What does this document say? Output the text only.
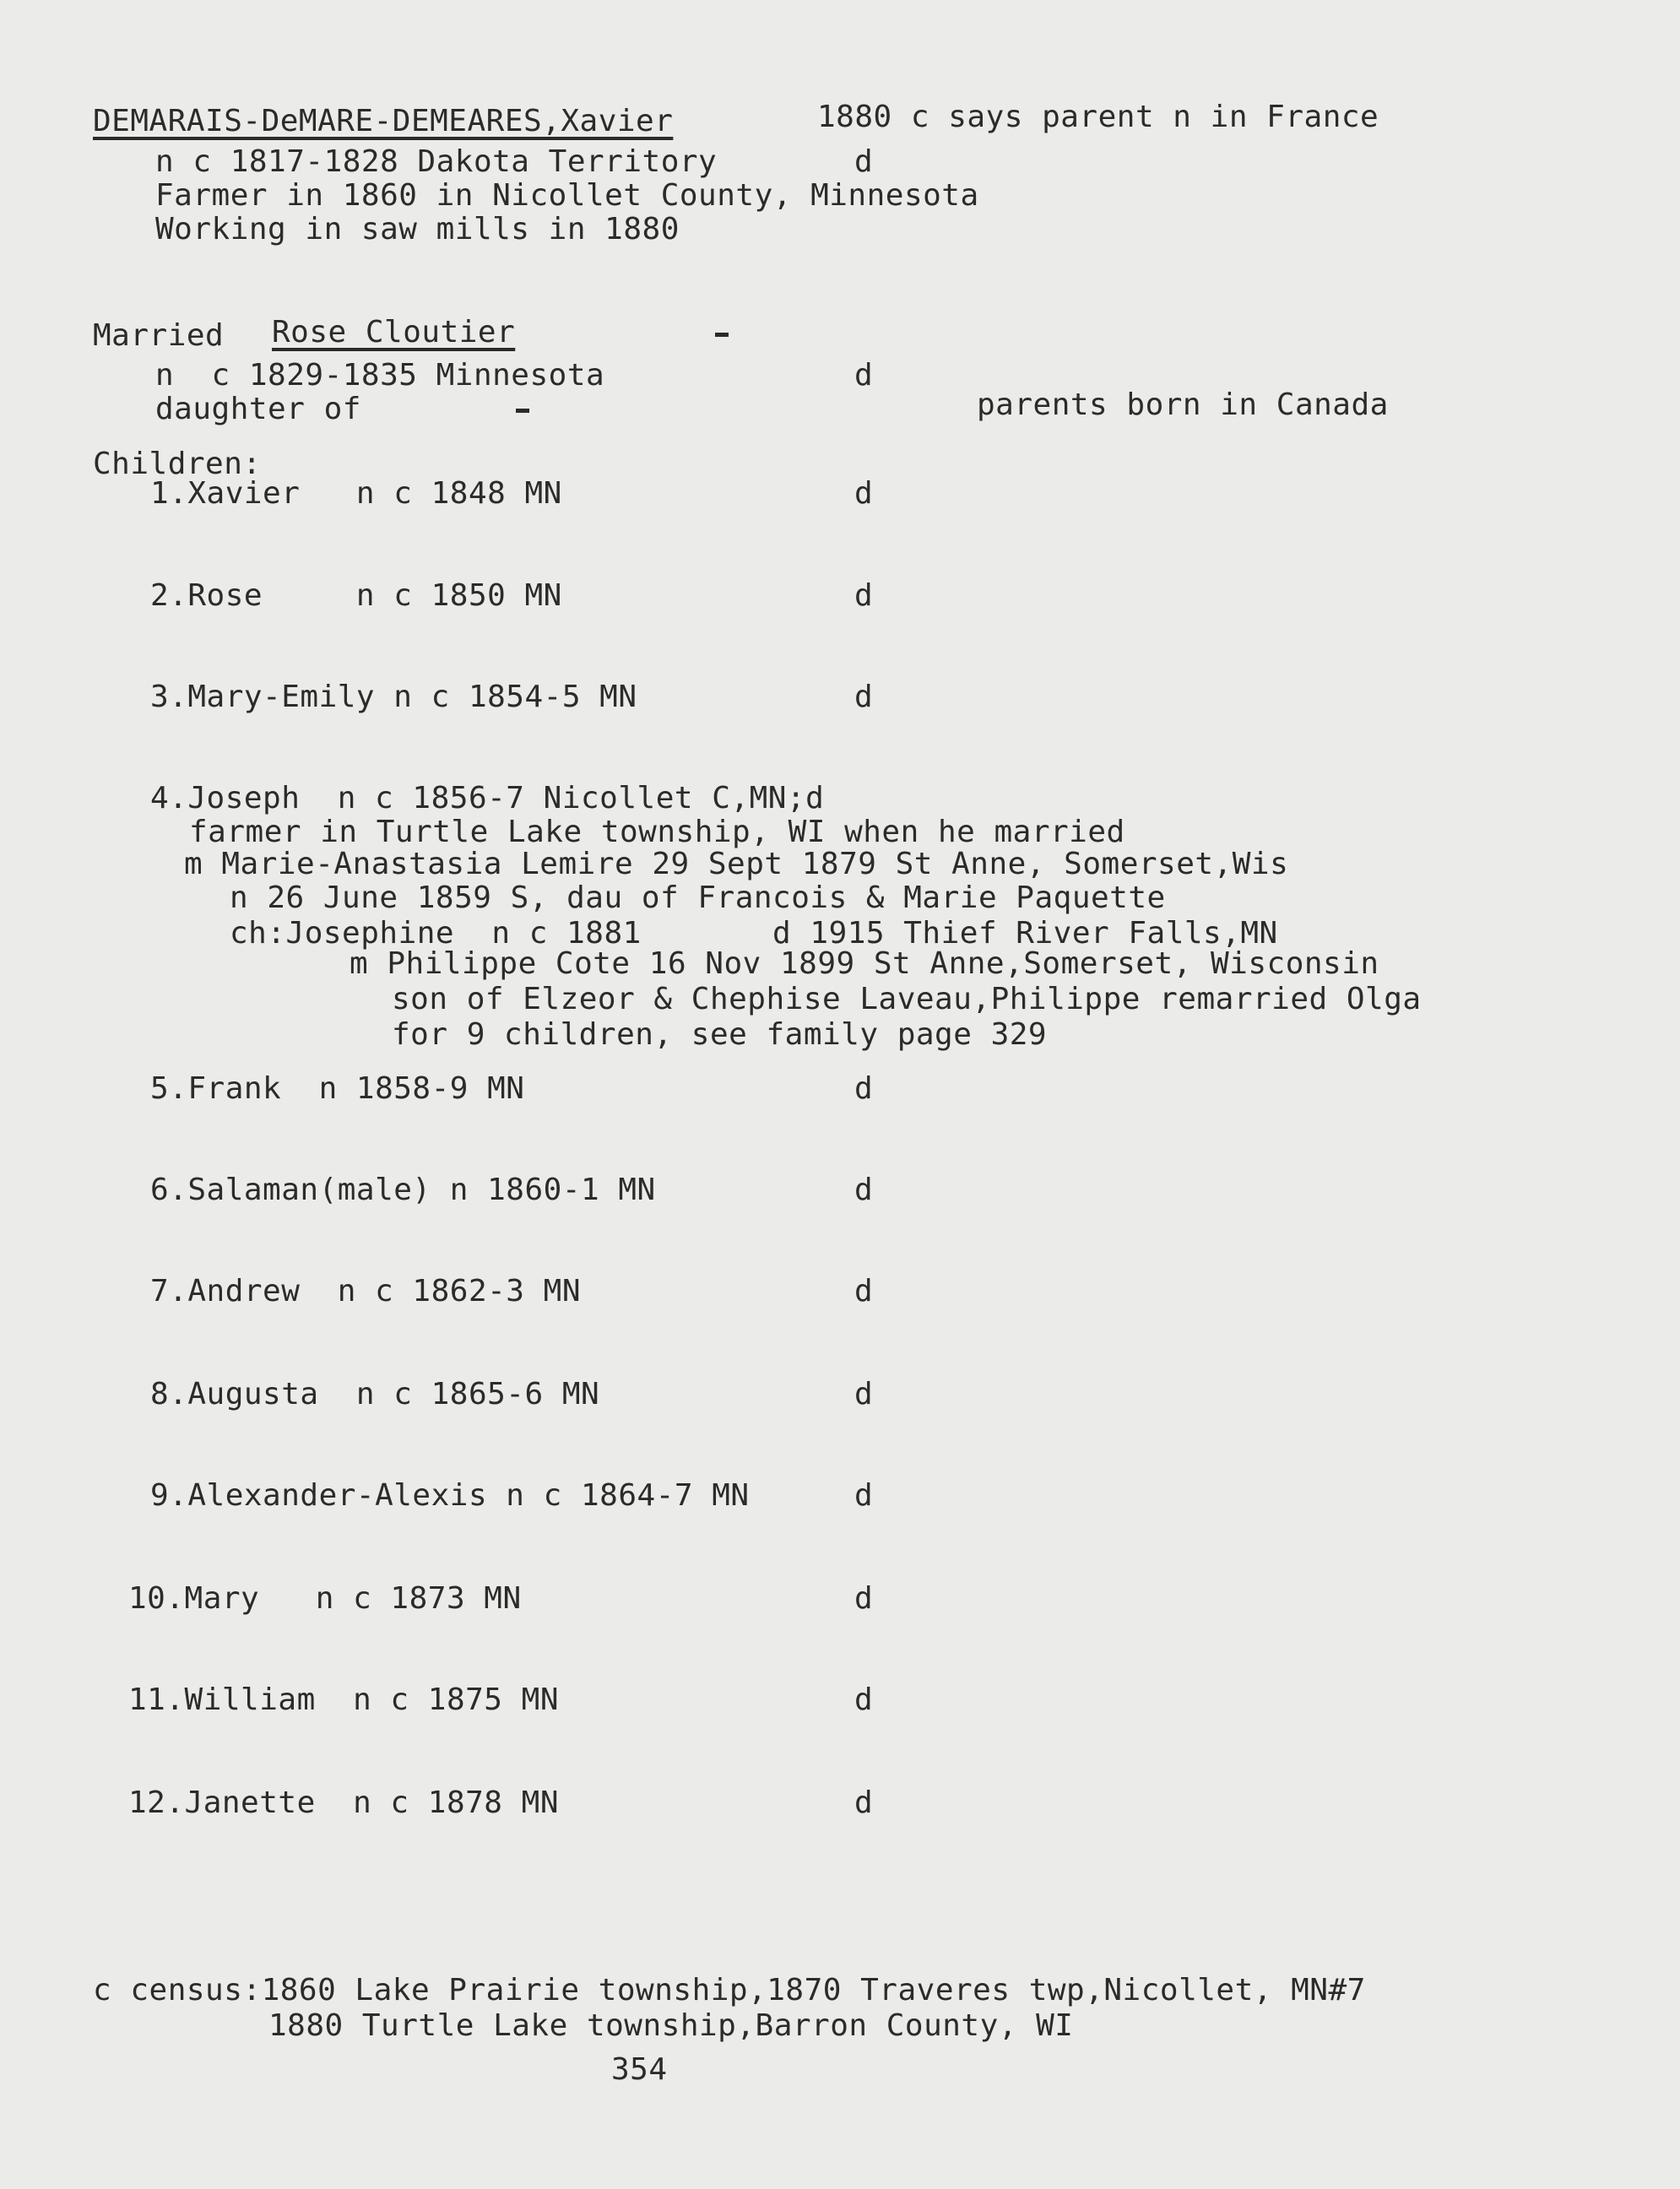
DEMARAIS-DeMARE-DEMEARES,Xavier	1880 c says parent n in France
n c 1817-1828 Dakota Territory	d
Farmer in 1860 in Nicollet County, Minnesota
Working in saw mills in 1880
Married Rose Cloutier
n  c 1829-1835 Minnesota	d
daughter of	parents born in Canada
Children:
1.Xavier   n c 1848 MN	d
2.Rose     n c 1850 MN	d
3.Mary-Emily n c 1854-5 MN	d
4.Joseph  n c 1856-7 Nicollet C,MN;d
farmer in Turtle Lake township, WI when he married
m Marie-Anastasia Lemire 29 Sept 1879 St Anne, Somerset,Wis
n 26 June 1859 S, dau of Francois & Marie Paquette
ch:Josephine  n c 1881       d 1915 Thief River Falls,MN
m Philippe Cote 16 Nov 1899 St Anne,Somerset, Wisconsin
son of Elzeor & Chephise Laveau,Philippe remarried Olga
for 9 children, see family page 329
5.Frank  n 1858-9 MN	d
6.Salaman(male) n 1860-1 MN	d
7.Andrew  n c 1862-3 MN	d
8.Augusta  n c 1865-6 MN	d
9.Alexander-Alexis n c 1864-7 MN	d
10.Mary   n c 1873 MN	d
11.William  n c 1875 MN	d
12.Janette  n c 1878 MN	d
c census:1860 Lake Prairie township,1870 Traveres twp,Nicollet, MN#7
1880 Turtle Lake township,Barron County, WI
354
